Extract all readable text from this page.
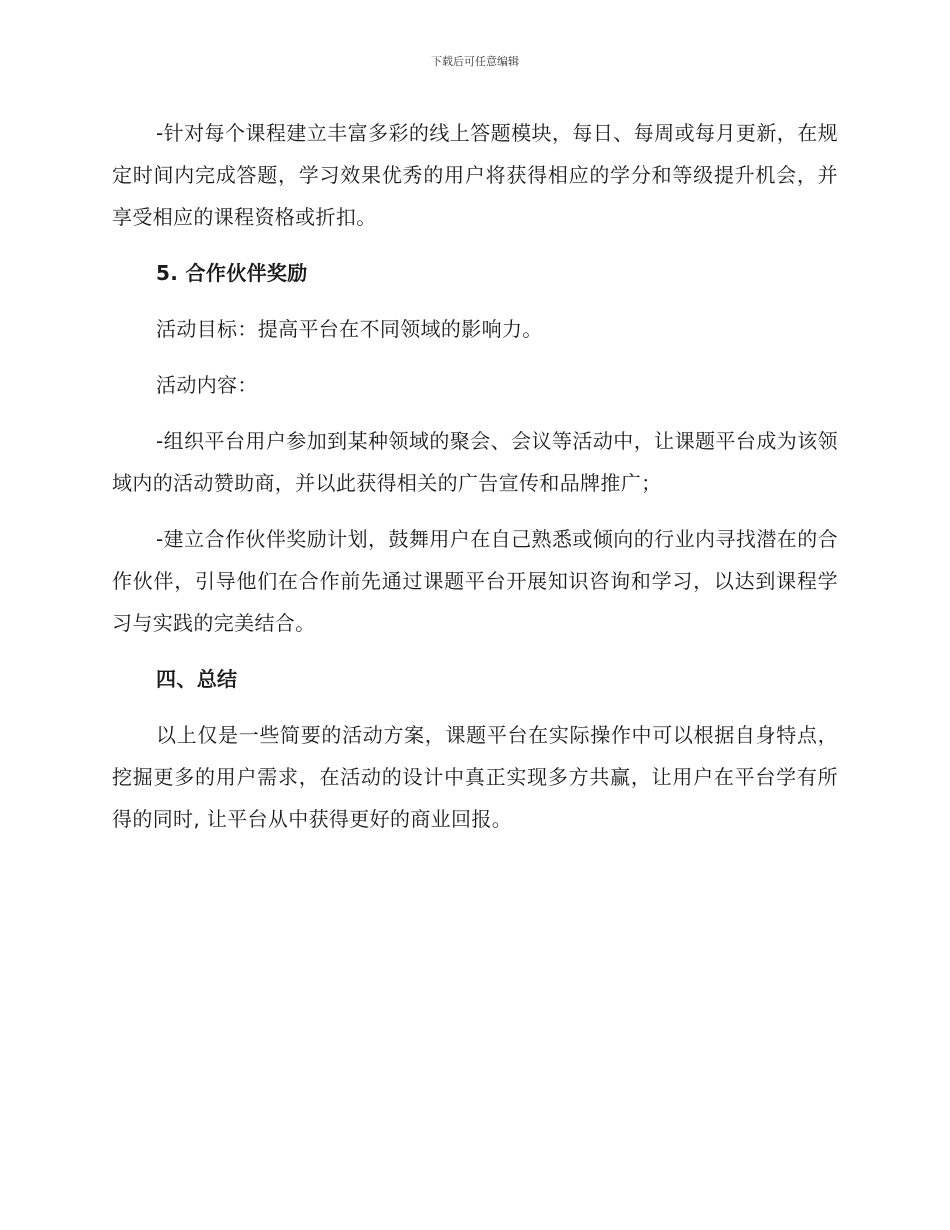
下载后可任意编辑

-针对每个课程建立丰富多彩的线上答题模块，每日、每周或每月更新，在规定时间内完成答题，学习效果优秀的用户将获得相应的学分和等级提升机会，并享受相应的课程资格或折扣。

5. 合作伙伴奖励

活动目标：提高平台在不同领域的影响力。

活动内容：

-组织平台用户参加到某种领域的聚会、会议等活动中，让课题平台成为该领域内的活动赞助商，并以此获得相关的广告宣传和品牌推广；

-建立合作伙伴奖励计划，鼓舞用户在自己熟悉或倾向的行业内寻找潜在的合作伙伴，引导他们在合作前先通过课题平台开展知识咨询和学习，以达到课程学习与实践的完美结合。

四、总结

以上仅是一些简要的活动方案，课题平台在实际操作中可以根据自身特点，挖掘更多的用户需求，在活动的设计中真正实现多方共赢，让用户在平台学有所得的同时, 让平台从中获得更好的商业回报。
